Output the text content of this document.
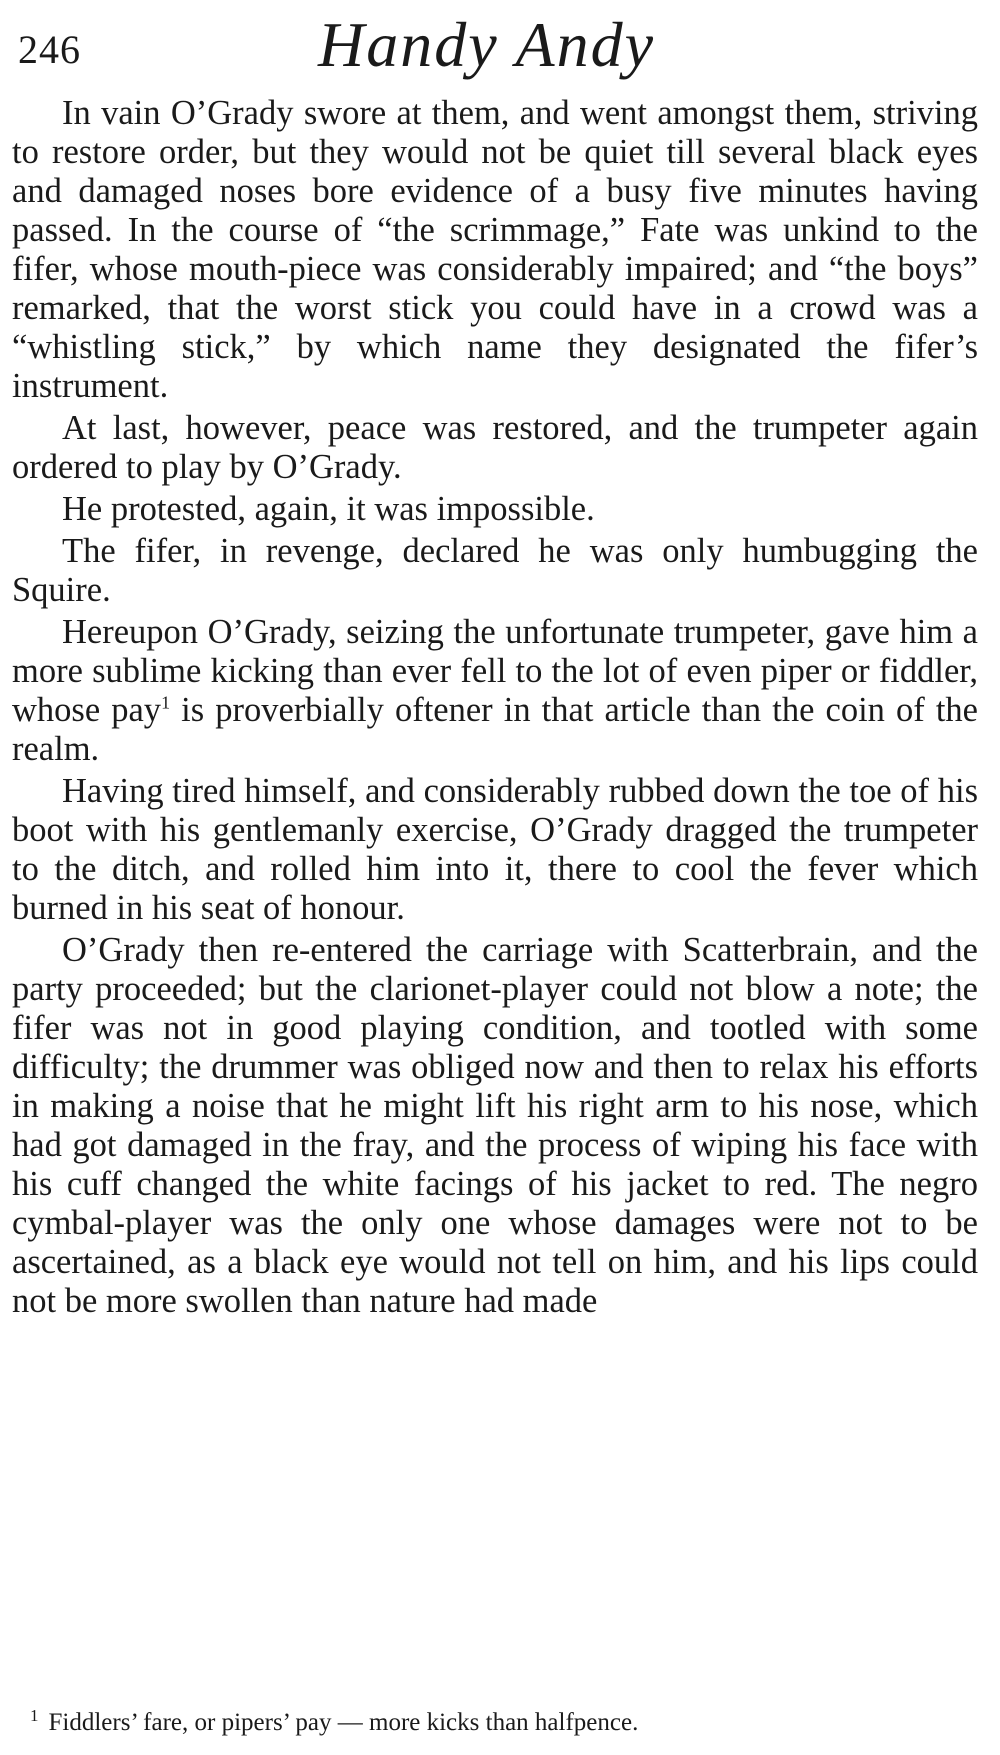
246	Handy Andy

In vain O’Grady swore at them, and went amongst them, striving to restore order, but they would not be quiet till several black eyes and damaged noses bore evidence of a busy five minutes having passed. In the course of “the scrimmage,” Fate was unkind to the fifer, whose mouth-piece was considerably impaired; and “the boys” remarked, that the worst stick you could have in a crowd was a “whistling stick,” by which name they designated the fifer’s instrument.

At last, however, peace was restored, and the trumpeter again ordered to play by O’Grady.

He protested, again, it was impossible.

The fifer, in revenge, declared he was only humbugging the Squire.

Hereupon O’Grady, seizing the unfortunate trumpeter, gave him a more sublime kicking than ever fell to the lot of even piper or fiddler, whose pay$^1$ is proverbially oftener in that article than the coin of the realm.

Having tired himself, and considerably rubbed down the toe of his boot with his gentlemanly exercise, O’Grady dragged the trumpeter to the ditch, and rolled him into it, there to cool the fever which burned in his seat of honour.

O’Grady then re-entered the carriage with Scatterbrain, and the party proceeded; but the clarionet-player could not blow a note; the fifer was not in good playing condition, and tootled with some difficulty; the drummer was obliged now and then to relax his efforts in making a noise that he might lift his right arm to his nose, which had got damaged in the fray, and the process of wiping his face with his cuff changed the white facings of his jacket to red. The negro cymbal-player was the only one whose damages were not to be ascertained, as a black eye would not tell on him, and his lips could not be more swollen than nature had made

$^1$ Fiddlers’ fare, or pipers’ pay — more kicks than halfpence.
